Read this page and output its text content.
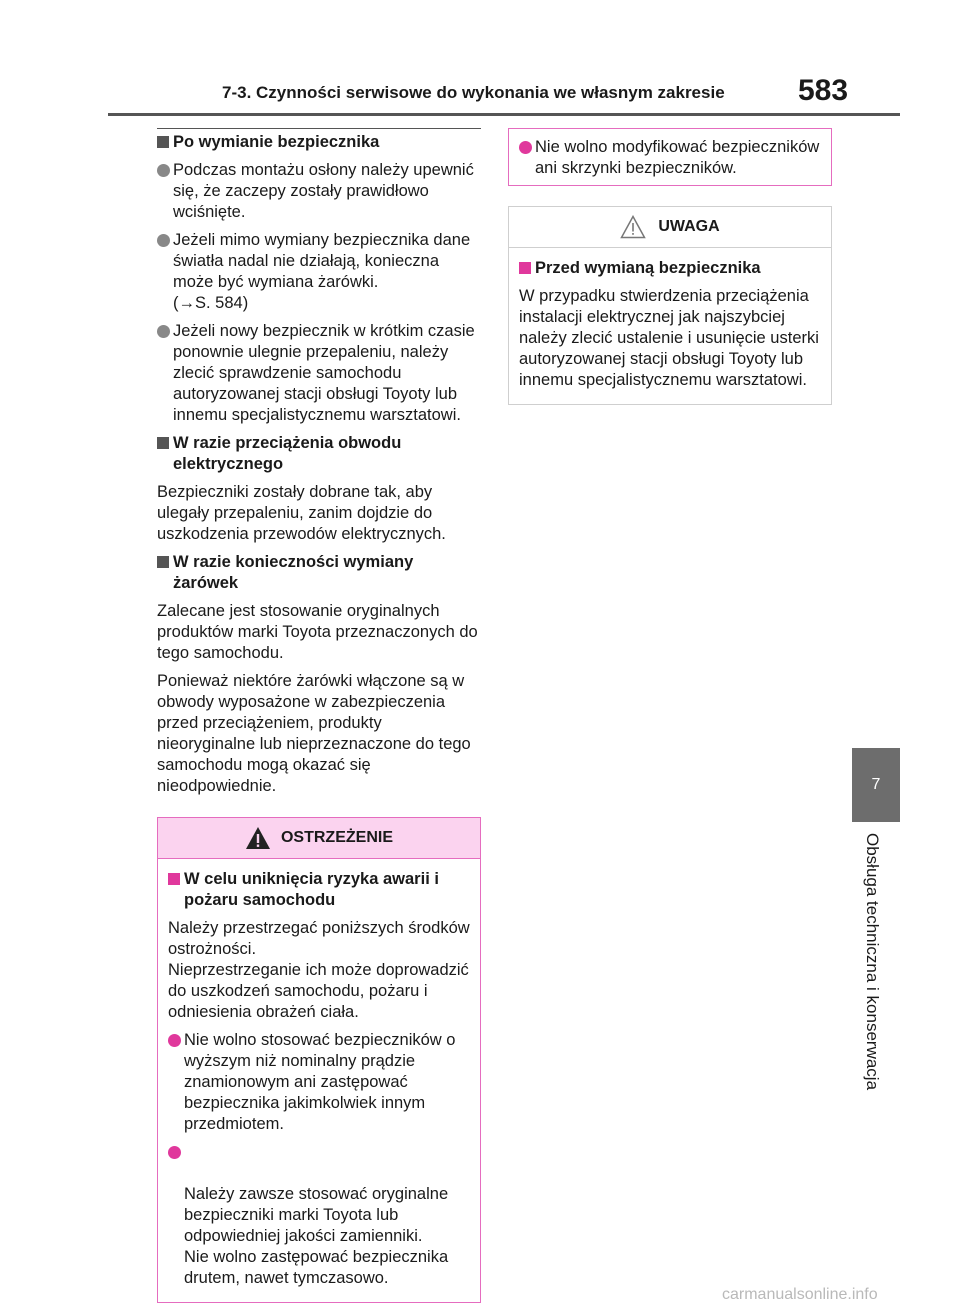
7-3. Czynności serwisowe do wykonania we własnym zakresie	583
7
Obsługa techniczna i konserwacja
Po wymianie bezpiecznika
Podczas montażu osłony należy upewnić się, że zaczepy zostały prawidłowo wciśnięte.
Jeżeli mimo wymiany bezpiecznika dane światła nadal nie działają, konieczna może być wymiana żarówki.
(→S. 584)
Jeżeli nowy bezpiecznik w krótkim czasie ponownie ulegnie przepaleniu, należy zlecić sprawdzenie samochodu autoryzowanej stacji obsługi Toyoty lub innemu specjalistycznemu warsztatowi.
W razie przeciążenia obwodu elektrycznego
Bezpieczniki zostały dobrane tak, aby ulegały przepaleniu, zanim dojdzie do uszkodzenia przewodów elektrycznych.
W razie konieczności wymiany żarówek
Zalecane jest stosowanie oryginalnych produktów marki Toyota przeznaczonych do tego samochodu.
Ponieważ niektóre żarówki włączone są w obwody wyposażone w zabezpieczenia przed przeciążeniem, produkty nieoryginalne lub nieprzeznaczone do tego samochodu mogą okazać się nieodpowiednie.
OSTRZEŻENIE
W celu uniknięcia ryzyka awarii i pożaru samochodu
Należy przestrzegać poniższych środków ostrożności.
Nieprzestrzeganie ich może doprowadzić do uszkodzeń samochodu, pożaru i odniesienia obrażeń ciała.
Nie wolno stosować bezpieczników o wyższym niż nominalny prądzie znamionowym ani zastępować bezpiecznika jakimkolwiek innym przedmiotem.

Należy zawsze stosować oryginalne bezpieczniki marki Toyota lub odpowiedniej jakości zamienniki.
Nie wolno zastępować bezpiecznika drutem, nawet tymczasowo.

Nie wolno modyfikować bezpieczników ani skrzynki bezpieczników.
UWAGA
Przed wymianą bezpiecznika
W przypadku stwierdzenia przeciążenia instalacji elektrycznej jak najszybciej należy zlecić ustalenie i usunięcie usterki autoryzowanej stacji obsługi Toyoty lub innemu specjalistycznemu warsztatowi.
carmanualsonline.info
